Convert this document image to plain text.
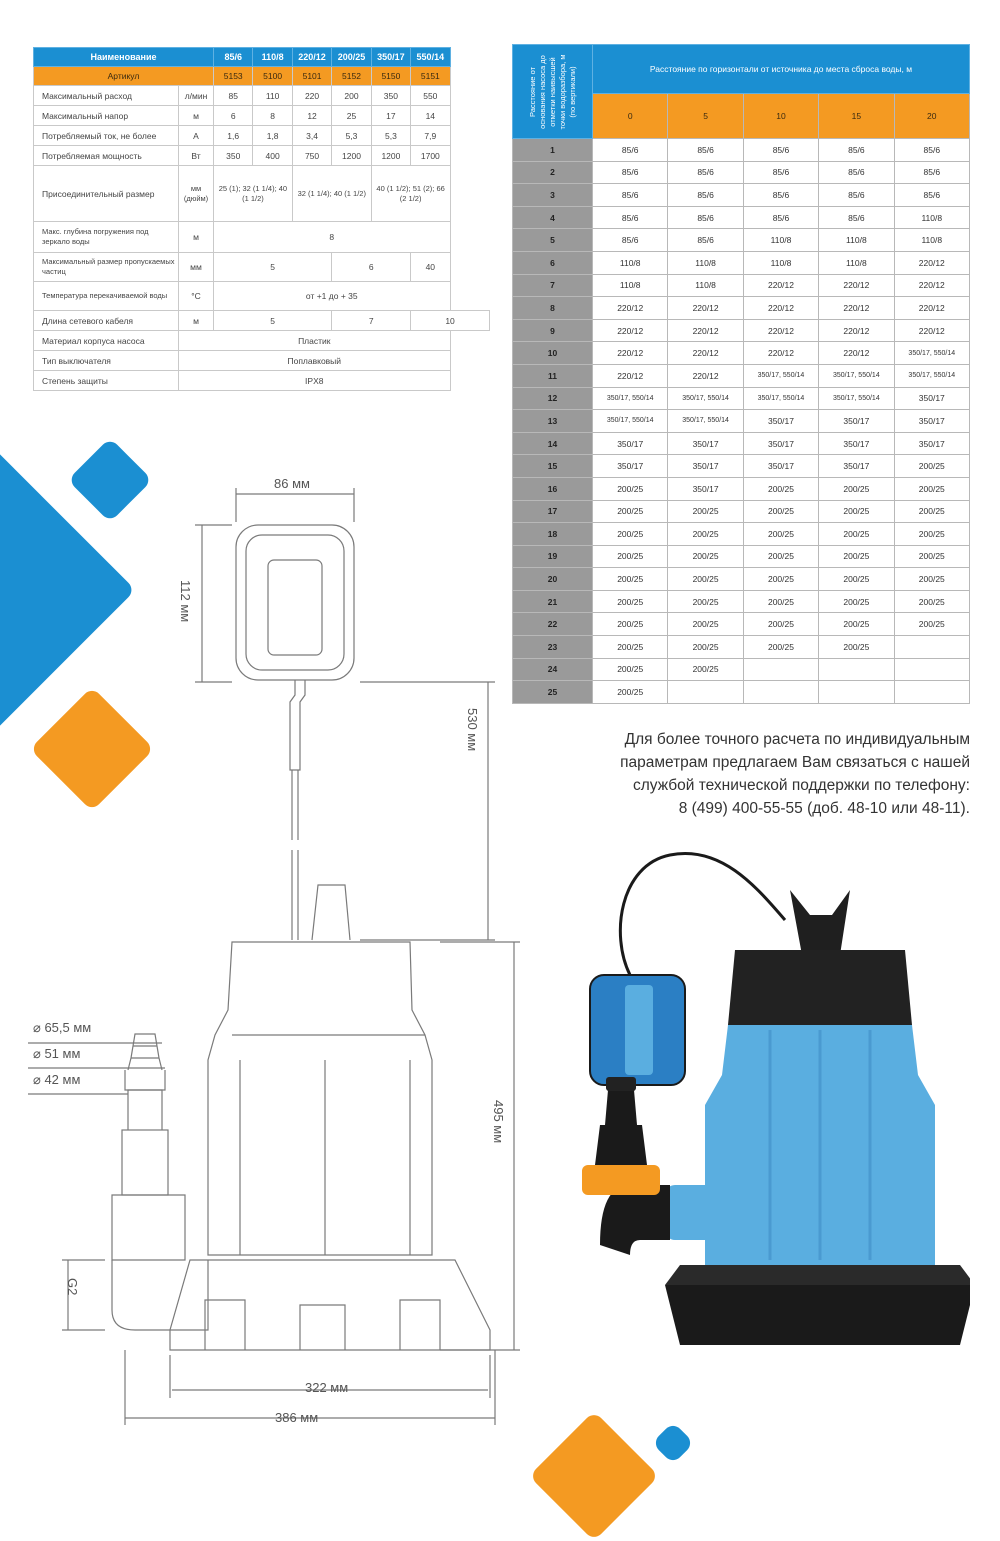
Наименование		85/6	110/8	220/12	200/25	350/17	550/14
Артикул		5153	5100	5101	5152	5150	5151
Максимальный расход	л/мин	85	110	220	200	350	550
Максимальный напор	м	6	8	12	25	17	14
Потребляемый ток, не более	А	1,6	1,8	3,4	5,3	5,3	7,9
Потребляемая мощность	Вт	350	400	750	1200	1200	1700
Присоединительный размер	мм (дюйм)	25 (1); 32 (1 1/4); 40 (1 1/2)		32 (1 1/4); 40 (1 1/2)		40 (1 1/2); 51 (2); 66 (2 1/2)	
Макс. глубина погружения под зеркало воды	м	8					
Максимальный размер пропускаемых частиц	мм	5			6		40
Температура перекачиваемой воды	°С	от +1 до + 35					
Длина сетевого кабеля	м	5			7		10
Материал корпуса насоса	Пластик						
Тип выключателя	Поплавковый						
Степень защиты	IPX8						
Расстояние от основания насоса до отметки наивысшей точки водоразбора, м (по вертикали)	Расстояние по горизонтали от источника до места сброса воды, м				
	0	5	10	15	20
1	85/6	85/6	85/6	85/6	85/6
2	85/6	85/6	85/6	85/6	85/6
3	85/6	85/6	85/6	85/6	85/6
4	85/6	85/6	85/6	85/6	110/8
5	85/6	85/6	110/8	110/8	110/8
6	110/8	110/8	110/8	110/8	220/12
7	110/8	110/8	220/12	220/12	220/12
8	220/12	220/12	220/12	220/12	220/12
9	220/12	220/12	220/12	220/12	220/12
10	220/12	220/12	220/12	220/12	350/17, 550/14
11	220/12	220/12	350/17, 550/14	350/17, 550/14	350/17, 550/14
12	350/17, 550/14	350/17, 550/14	350/17, 550/14	350/17, 550/14	350/17
13	350/17, 550/14	350/17, 550/14	350/17	350/17	350/17
14	350/17	350/17	350/17	350/17	350/17
15	350/17	350/17	350/17	350/17	200/25
16	200/25	350/17	200/25	200/25	200/25
17	200/25	200/25	200/25	200/25	200/25
18	200/25	200/25	200/25	200/25	200/25
19	200/25	200/25	200/25	200/25	200/25
20	200/25	200/25	200/25	200/25	200/25
21	200/25	200/25	200/25	200/25	200/25
22	200/25	200/25	200/25	200/25	200/25
23	200/25	200/25	200/25	200/25	
24	200/25	200/25			
25	200/25				
Для более точного расчета по индивидуальным
параметрам предлагаем Вам связаться с нашей
службой технической поддержки по телефону:
8 (499) 400-55-55 (доб. 48-10 или 48-11).
86 мм
112 мм
530 мм
495 мм
⌀ 65,5 мм
⌀ 51 мм
⌀ 42 мм
G2
322 мм
386 мм
